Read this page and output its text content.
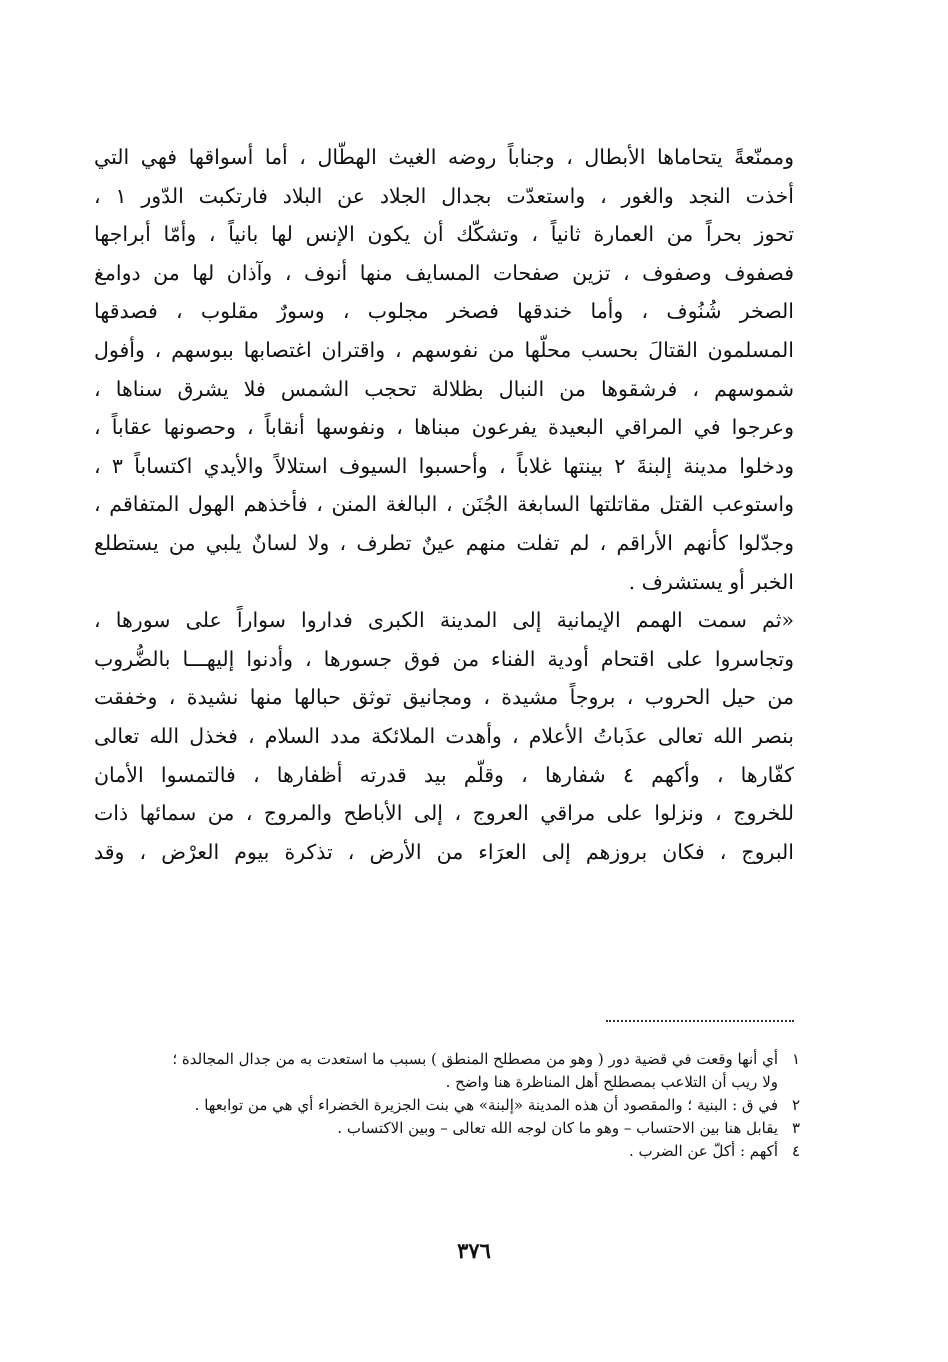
وممنّعةً يتحاماها الأبطال ، وجناباً روضه الغيث الهطّال ، أما أسواقها فهي التي
أخذت النجد والغور ، واستعدّت بجدال الجلاد عن البلاد فارتكبت الدّور ١ ،
تحوز بحراً من العمارة ثانياً ، وتشكّك أن يكون الإنس لها بانياً ، وأمّا أبراجها
فصفوف وصفوف ، تزين صفحات المسايف منها أنوف ، وآذان لها من دوامغ
الصخر شُنُوف ، وأما خندقها فصخر مجلوب ، وسورٌ مقلوب ، فصدقها
المسلمون القتالَ بحسب محلّها من نفوسهم ، واقتران اغتصابها ببوسهم ، وأفول
شموسهم ، فرشقوها من النبال بظلالة تحجب الشمس فلا يشرق سناها ،
وعرجوا في المراقي البعيدة يفرعون مبناها ، ونفوسها أنقاباً ، وحصونها عقاباً ،
ودخلوا مدينة إلبنةَ ٢ بينتها غلاباً ، وأحسبوا السيوف استلالاً والأيدي اكتساباً ٣ ،
واستوعب القتل مقاتلتها السابغة الجُنَن ، البالغة المنن ، فأخذهم الهول المتفاقم ،
وجدّلوا كأنهم الأراقم ، لم تفلت منهم عينٌ تطرف ، ولا لسانٌ يلبي من يستطلع
الخبر أو يستشرف .
«ثم سمت الهمم الإيمانية إلى المدينة الكبرى فداروا سواراً على سورها ،
وتجاسروا على اقتحام أودية الفناء من فوق جسورها ، وأدنوا إليهـــا بالضُّروب
من حيل الحروب ، بروجاً مشيدة ، ومجانيق توثق حبالها منها نشيدة ، وخفقت
بنصر الله تعالى عذَباتُ الأعلام ، وأهدت الملائكة مدد السلام ، فخذل الله تعالى
كفّارها ، وأكهم ٤ شفارها ، وقلّم بيد قدرته أظفارها ، فالتمسوا الأمان
للخروج ، ونزلوا على مراقي العروج ، إلى الأباطح والمروج ، من سمائها ذات
البروج ، فكان بروزهم إلى العرَاء من الأرض ، تذكرة بيوم العرْض ، وقد
١أي أنها وقعت في قضية دور ( وهو من مصطلح المنطق ) بسبب ما استعدت به من جدال المجالدة ؛
ولا ريب أن التلاعب بمصطلح أهل المناظرة هنا واضح .
٢في ق : البنية ؛ والمقصود أن هذه المدينة «إلبنة» هي بنت الجزيرة الخضراء أي هي من توابعها .
٣يقابل هنا بين الاحتساب – وهو ما كان لوجه الله تعالى – وبين الاكتساب .
٤أكهم : أكلّ عن الضرب .
٣٧٦
